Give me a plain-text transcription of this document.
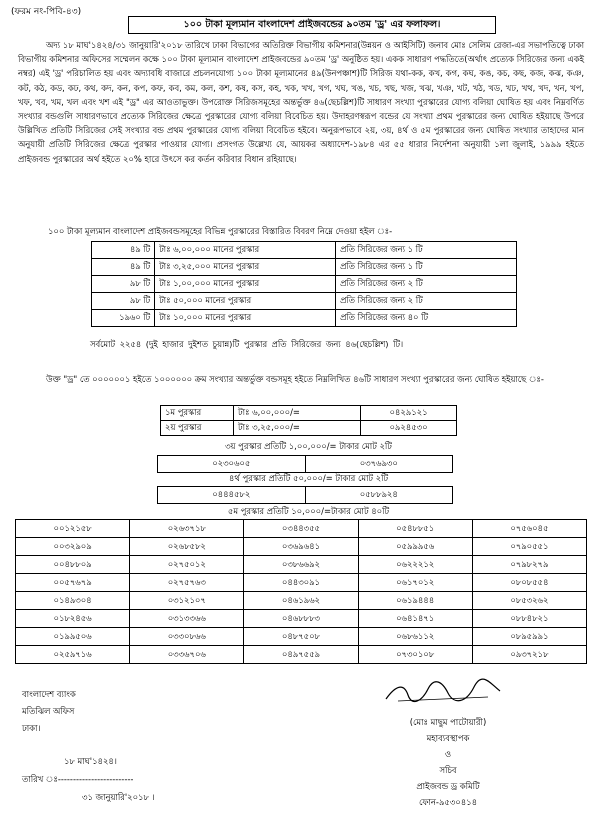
(ফরম নং-পিবি-৪৩)
১০০ টাকা মূল্যমান বাংলাদেশ প্রাইজবন্ডের ৯০তম 'ড্র' এর ফলাফল।
অদ্য ১৮ মাঘ'১৪২৪/৩১ জানুয়ারি'২০১৮ তারিখে ঢাকা বিভাগের অতিরিক্ত বিভাগীয় কমিশনার(উন্নয়ন ও আইসিটি) জনাব মোঃ সেলিম রেজা-এর সভাপতিত্বে ঢাকা বিভাগীয় কমিশনার অফিসের সম্মেলন কক্ষে ১০০ টাকা মূল্যমান বাংলাদেশ প্রাইজবন্ডের ৯০তম 'ড্র' অনুষ্ঠিত হয়। একক সাধারণ পদ্ধতিতে(অর্থাৎ প্রত্যেক সিরিজের জন্য একই নম্বর) এই 'ড্র' পরিচালিত হয় এবং অদ্যাবধি বাজারে প্রচলনযোগ্য ১০০ টাকা মূল্যমানের ৪৯(উনপঞ্চাশ)টি সিরিজ যথা-কক, কখ, কগ, কঘ, কঙ, কচ, কছ, কজ, কঝ, কঞ, কট, কঠ, কড, কঢ, কথ, কদ, কন, কপ, কফ, কব, কম, কল, কশ, কষ, কস, কহ, খক, খখ, খগ, খঘ, খঙ, খচ, খছ, খজ, খঝ, খঞ, খট, খঠ, খড, খঢ, খথ, খদ, খন, খপ, খফ, খব, খম, খল এবং খশ এই "ড্র" এর আওতাভুক্ত। উপরোক্ত সিরিজসমূহের অন্তর্ভুক্ত ৪৬(ছেচল্লিশ)টি সাধারণ সংখ্যা পুরস্কারের যোগ্য বলিয়া ঘোষিত হয় এবং নিম্নবর্ণিত সংখ্যার বন্ডগুলি সাধারণভাবে প্রত্যেক সিরিজের ক্ষেত্রে পুরস্কারের যোগ্য বলিয়া বিবেচিত হয়। উদাহরণস্বরূপ বন্ডের যে সংখ্যা প্রথম পুরস্কারের জন্য ঘোষিত হইয়াছে উপরে উল্লিখিত প্রতিটি সিরিজের সেই সংখ্যার বন্ড প্রথম পুরস্কারের যোগ্য বলিয়া বিবেচিত হইবে। অনুরূপভাবে ২য়, ৩য়, ৪র্থ ও ৫ম পুরস্কারের জন্য ঘোষিত সংখ্যার তাহাদের মান অনুযায়ী প্রতিটি সিরিজের ক্ষেত্রে পুরস্কার পাওয়ার যোগ্য। প্রসংগত উল্লেখ্য যে, আয়কর অধ্যাদেশ-১৯৮৪ এর ৫৫ ধারার নির্দেশনা অনুযায়ী ১লা জুলাই, ১৯৯৯ হইতে প্রাইজবন্ড পুরস্কারের অর্থ হইতে ২০% হারে উৎসে কর কর্তন করিবার বিধান রহিয়াছে।
১০০ টাকা মূল্যমান বাংলাদেশ প্রাইজবন্ডসমূহের বিভিন্ন পুরস্কারের বিস্তারিত বিবরণ নিম্নে দেওয়া হইল ঃ-
৪৯ টি	টাঃ ৬,০০,০০০ মানের পুরস্কার	প্রতি সিরিজের জন্য ১ টি
৪৯ টি	টাঃ ৩,২৫,০০০ মানের পুরস্কার	প্রতি সিরিজের জন্য ১ টি
৯৮ টি	টাঃ ১,০০,০০০ মানের পুরস্কার	প্রতি সিরিজের জন্য ২ টি
৯৮ টি	টাঃ ৫০,০০০ মানের পুরস্কার	প্রতি সিরিজের জন্য ২ টি
১৯৬০ টি	টাঃ ১০,০০০ মানের পুরস্কার	প্রতি সিরিজের জন্য ৪০ টি
সর্বমোট ২২৫৪ (দুই হাজার দুইশত চুয়ান্ন)টি পুরস্কার প্রতি সিরিজের জন্য ৪৬(ছেচল্লিশ) টি।
উক্ত "ড্র" তে ০০০০০০১ হইতে ১০০০০০০ ক্রম সংখ্যার অন্তর্ভুক্ত বন্ডসমূহ হইতে নিম্নলিখিত ৪৬টি সাধারণ সংখ্যা পুরস্কারের জন্য ঘোষিত হইয়াছে ঃ-
১ম পুরস্কার	টাঃ ৬,০০,০০০/=	০৪২৯১২১
২য় পুরস্কার	টাঃ ৩,২৫,০০০/=	০৯২৪৫৩০
৩য় পুরস্কার প্রতিটি ১,০০,০০০/= টাকার মোট ২টি
০২৩০৬০৫	০৩৭৬৯৩০
৪র্থ পুরস্কার প্রতিটি ৫০,০০০/= টাকার মোট ২টি
০৪৪৪৫৮২	০৫৮৮৯২৪
৫ম পুরস্কার প্রতিটি ১০,০০০/=টাকার মোট ৪০টি
০০১২১৫৮	০২৬৩৭১৮	০৩৪৪৩৫৫	০৫৪৮৮৫১	০৭৫৬০৪৫
০০৩২৯০৯	০২৬৮৫৮২	০৩৬৯৬৪১	০৫৯৯৯৫৬	০৭৯০৫৫১
০০৪৮৮০৯	০২৭৫০১২	০৩৮৬৬৯২	০৬২২২১২	০৭৯৮২৭৯
০০৫৭৬৭৯	০২৭৫৭৬৩	০৪৪৩০৯১	০৬১৭০১২	০৮০৮৫৫৪
০১৪৯৩০৪	০৩১২১০৭	০৪৬১৯৬২	০৬১৯৪৪৪	০৮৫৩২৬২
০১৮২৪৫৬	০৩১৩৩৬৬	০৪৬৮৮৮৩	০৬৪১৪৭১	০৮৮৪৮২১
০১৯৯৫০৬	০৩৩০৮৬৬	০৪৮৭৫০৮	০৬৮৬১১২	০৮৯৫৯৯১
০২৫৯৭১৬	০৩৩৬৭০৬	০৪৯৭৫৫৯	০৭৩০১০৮	০৯৩৭২১৮
বাংলাদেশ ব্যাংক
মতিঝিল অফিস
ঢাকা।
(মোঃ মাছুম পাটোয়ারী)
মহাব্যবস্থাপক
ও
সচিব
প্রাইজবন্ড ড্র কমিটি
ফোন-৯৫৩০৪১৪
১৮ মাঘ'১৪২৪।
তারিখ ঃ-------------------------
৩১ জানুয়ারি'২০১৮ ।
